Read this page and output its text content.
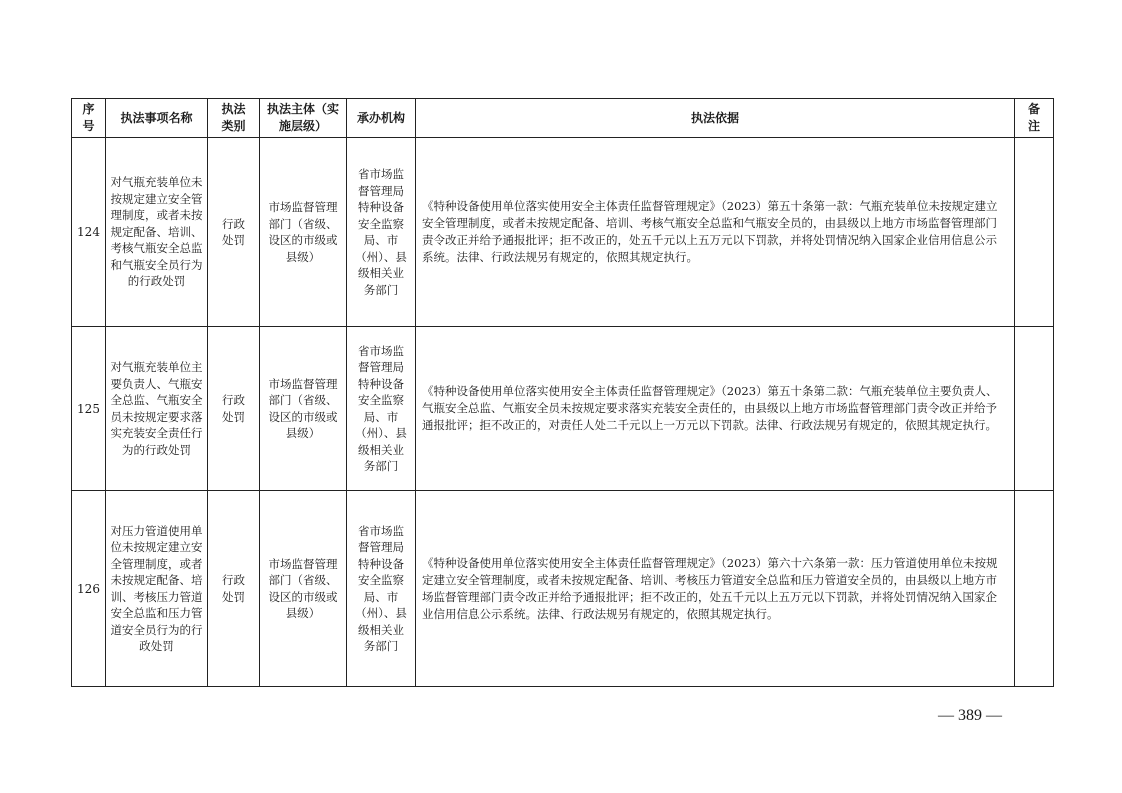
序号	执法事项名称	执法类别	执法主体（实施层级）	承办机构	执法依据	备注
124	对气瓶充装单位未按规定建立安全管理制度，或者未按规定配备、培训、考核气瓶安全总监和气瓶安全员行为的行政处罚	行政处罚	市场监督管理部门（省级、设区的市级或县级）	省市场监督管理局特种设备安全监察局、市（州）、县级相关业务部门	《特种设备使用单位落实使用安全主体责任监督管理规定》（2023）第五十条第一款：气瓶充装单位未按规定建立安全管理制度，或者未按规定配备、培训、考核气瓶安全总监和气瓶安全员的，由县级以上地方市场监督管理部门责令改正并给予通报批评；拒不改正的，处五千元以上五万元以下罚款，并将处罚情况纳入国家企业信用信息公示系统。法律、行政法规另有规定的，依照其规定执行。	
125	对气瓶充装单位主要负责人、气瓶安全总监、气瓶安全员未按规定要求落实充装安全责任行为的行政处罚	行政处罚	市场监督管理部门（省级、设区的市级或县级）	省市场监督管理局特种设备安全监察局、市（州）、县级相关业务部门	《特种设备使用单位落实使用安全主体责任监督管理规定》（2023）第五十条第二款：气瓶充装单位主要负责人、气瓶安全总监、气瓶安全员未按规定要求落实充装安全责任的，由县级以上地方市场监督管理部门责令改正并给予通报批评；拒不改正的，对责任人处二千元以上一万元以下罚款。法律、行政法规另有规定的，依照其规定执行。	
126	对压力管道使用单位未按规定建立安全管理制度，或者未按规定配备、培训、考核压力管道安全总监和压力管道安全员行为的行政处罚	行政处罚	市场监督管理部门（省级、设区的市级或县级）	省市场监督管理局特种设备安全监察局、市（州）、县级相关业务部门	《特种设备使用单位落实使用安全主体责任监督管理规定》（2023）第六十六条第一款：压力管道使用单位未按规定建立安全管理制度，或者未按规定配备、培训、考核压力管道安全总监和压力管道安全员的，由县级以上地方市场监督管理部门责令改正并给予通报批评；拒不改正的，处五千元以上五万元以下罚款，并将处罚情况纳入国家企业信用信息公示系统。法律、行政法规另有规定的，依照其规定执行。	
— 389 —
